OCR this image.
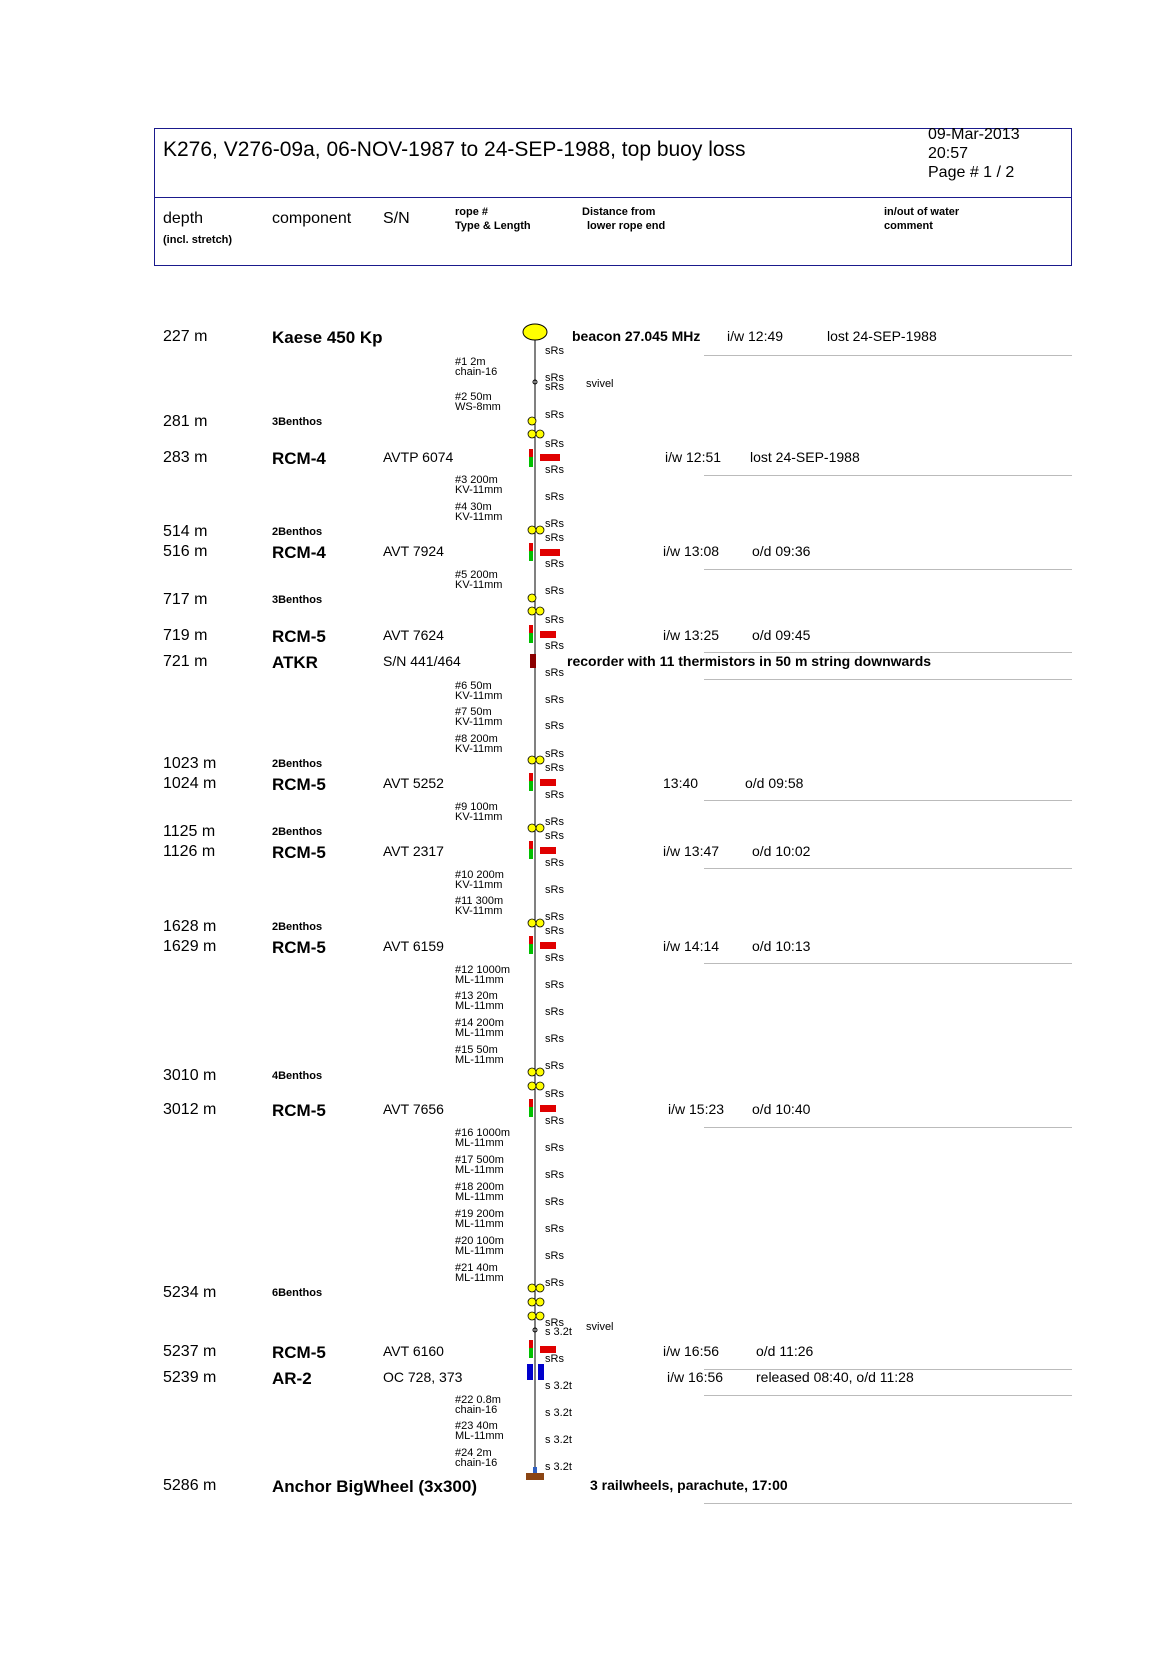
K276, V276-09a, 06-NOV-1987 to 24-SEP-1988, top buoy loss
09-Mar-2013
20:57
Page # 1 / 2
depth
(incl. stretch)
component S/N	rope #
Type & Length
Distance from
lower rope end
in/out of water
comment
sRs
sRs
sRs svivel
sRs
sRs
sRs
sRs
sRs
sRs
sRs
sRs
sRs
sRs
sRs
sRs
sRs
sRs
sRs
sRs
sRs
sRs
sRs
sRs
sRs
sRs
sRs
sRs
sRs
sRs
sRs
sRs
sRs
sRs
sRs
sRs
sRs
sRs
sRs
sRs
s 3.2t svivel
sRs
s 3.2t
s 3.2t
s 3.2t
s 3.2t
#1 2m
chain-16
#2 50m
WS-8mm
#3 200m
KV-11mm
#4 30m
KV-11mm
#5 200m
KV-11mm
#6 50m
KV-11mm
#7 50m
KV-11mm
#8 200m
KV-11mm
#9 100m
KV-11mm
#10 200m
KV-11mm
#11 300m
KV-11mm
#12 1000m
ML-11mm
#13 20m
ML-11mm
#14 200m
ML-11mm
#15 50m
ML-11mm
#16 1000m
ML-11mm
#17 500m
ML-11mm
#18 200m
ML-11mm
#19 200m
ML-11mm
#20 100m
ML-11mm
#21 40m
ML-11mm
#22 0.8m
chain-16
#23 40m
ML-11mm
#24 2m
chain-16
227 m	Kaese 450 Kp	beacon 27.045 MHz i/w 12:49	lost 24-SEP-1988
281 m	3Benthos
283 m	RCM-4	AVTP 6074	i/w 12:51 lost 24-SEP-1988
514 m	2Benthos
516 m	RCM-4	AVT 7924	i/w 13:08 o/d 09:36
717 m	3Benthos
719 m	RCM-5	AVT 7624	i/w 13:25 o/d 09:45
721 m	ATKR	S/N 441/464	recorder with 11 thermistors in 50 m string downwards
1023 m	2Benthos
1024 m	RCM-5	AVT 5252	13:40	o/d 09:58
1125 m	2Benthos
1126 m	RCM-5	AVT 2317	i/w 13:47 o/d 10:02
1628 m	2Benthos
1629 m	RCM-5	AVT 6159	i/w 14:14 o/d 10:13
3010 m	4Benthos
3012 m	RCM-5	AVT 7656	i/w 15:23 o/d 10:40
5234 m	6Benthos
5237 m	RCM-5	AVT 6160	i/w 16:56	o/d 11:26
5239 m	AR-2	OC 728, 373	i/w 16:56 released 08:40, o/d 11:28
5286 m	Anchor BigWheel (3x300)	3 railwheels, parachute, 17:00
